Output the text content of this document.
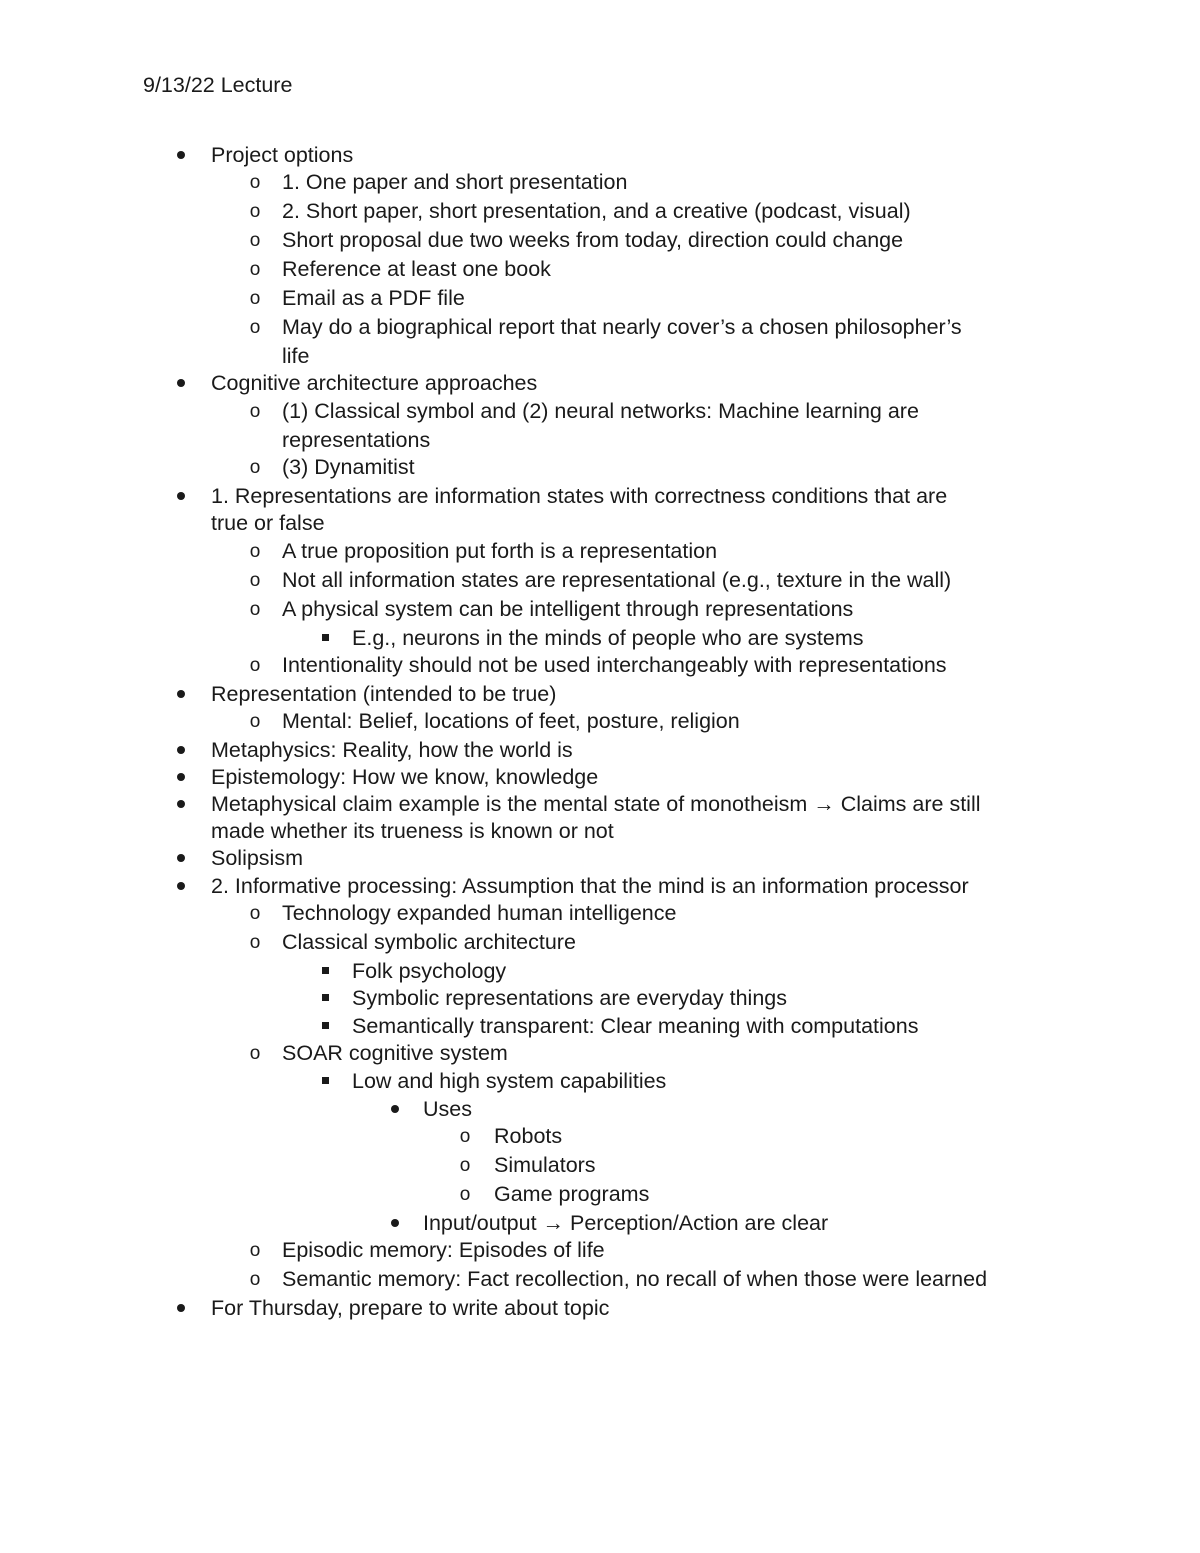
9/13/22 Lecture
Project options
o 1. One paper and short presentation
o 2. Short paper, short presentation, and a creative (podcast, visual)
o Short proposal due two weeks from today, direction could change
o Reference at least one book
o Email as a PDF file
o May do a biographical report that nearly cover’s a chosen philosopher’s
life
Cognitive architecture approaches
o (1) Classical symbol and (2) neural networks: Machine learning are
representations
o (3) Dynamitist
1. Representations are information states with correctness conditions that are
true or false
o A true proposition put forth is a representation
o Not all information states are representational (e.g., texture in the wall)
o A physical system can be intelligent through representations
E.g., neurons in the minds of people who are systems
o Intentionality should not be used interchangeably with representations
Representation (intended to be true)
o Mental: Belief, locations of feet, posture, religion
Metaphysics: Reality, how the world is
Epistemology: How we know, knowledge
Metaphysical claim example is the mental state of monotheism → Claims are still
made whether its trueness is known or not
Solipsism
2. Informative processing: Assumption that the mind is an information processor
o Technology expanded human intelligence
o Classical symbolic architecture
Folk psychology
Symbolic representations are everyday things
Semantically transparent: Clear meaning with computations
o SOAR cognitive system
Low and high system capabilities
Uses
o Robots
o Simulators
o Game programs
Input/output → Perception/Action are clear
o Episodic memory: Episodes of life
o Semantic memory: Fact recollection, no recall of when those were learned
For Thursday, prepare to write about topic
